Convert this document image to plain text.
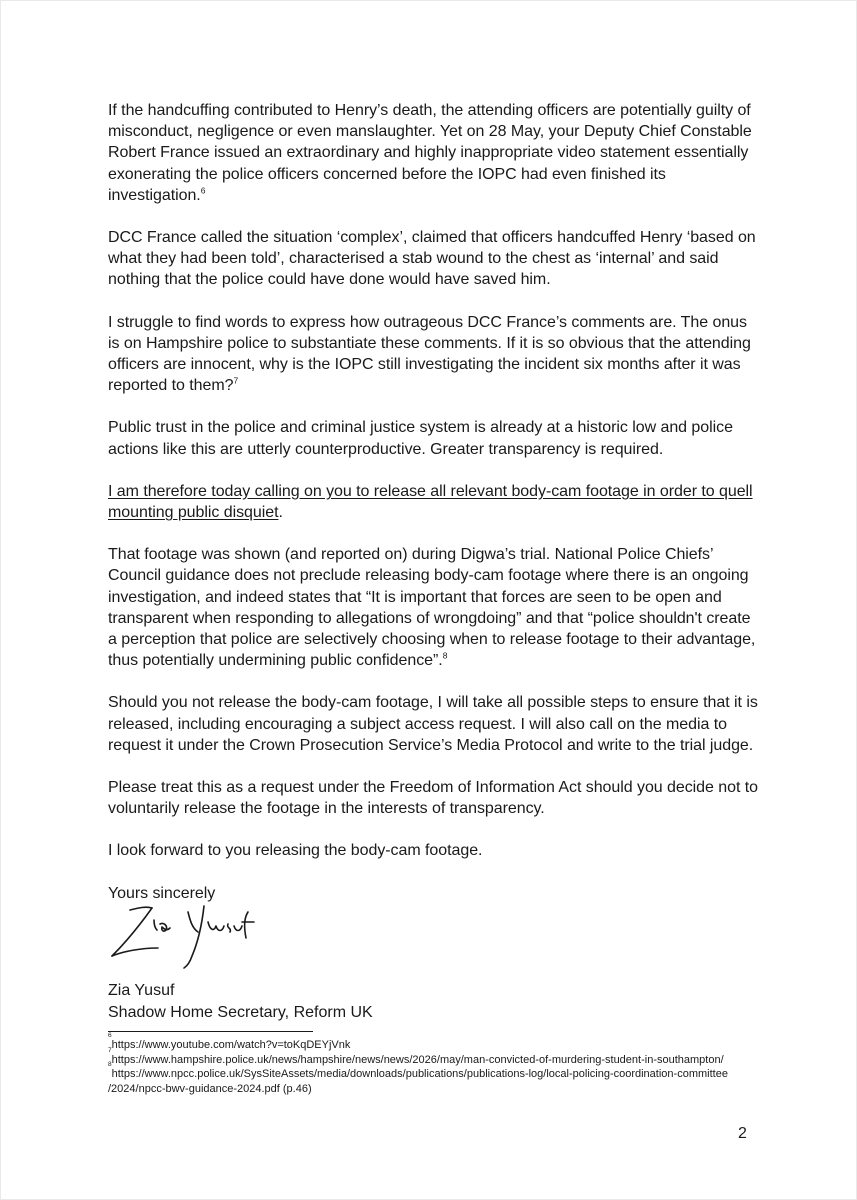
If the handcuffing contributed to Henry’s death, the attending officers are potentially guilty of misconduct, negligence or even manslaughter. Yet on 28 May, your Deputy Chief Constable Robert France issued an extraordinary and highly inappropriate video statement essentially exonerating the police officers concerned before the IOPC had even finished its investigation.$^6$

DCC France called the situation ‘complex’, claimed that officers handcuffed Henry ‘based on what they had been told’, characterised a stab wound to the chest as ‘internal’ and said nothing that the police could have done would have saved him.

I struggle to find words to express how outrageous DCC France’s comments are. The onus is on Hampshire police to substantiate these comments. If it is so obvious that the attending officers are innocent, why is the IOPC still investigating the incident six months after it was reported to them?$^7$

Public trust in the police and criminal justice system is already at a historic low and police actions like this are utterly counterproductive. Greater transparency is required.

I am therefore today calling on you to release all relevant body-cam footage in order to quell mounting public disquiet.

That footage was shown (and reported on) during Digwa’s trial. National Police Chiefs’ Council guidance does not preclude releasing body-cam footage where there is an ongoing investigation, and indeed states that “It is important that forces are seen to be open and transparent when responding to allegations of wrongdoing” and that “police shouldn't create a perception that police are selectively choosing when to release footage to their advantage, thus potentially undermining public confidence”.$^8$

Should you not release the body-cam footage, I will take all possible steps to ensure that it is released, including encouraging a subject access request. I will also call on the media to request it under the Crown Prosecution Service’s Media Protocol and write to the trial judge.

Please treat this as a request under the Freedom of Information Act should you decide not to voluntarily release the footage in the interests of transparency.

I look forward to you releasing the body-cam footage.

Yours sincerely

Zia Yusuf
Shadow Home Secretary, Reform UK
$^6$https://www.youtube.com/watch?v=toKqDEYjVnk
$^7$https://www.hampshire.police.uk/news/hampshire/news/news/2026/may/man-convicted-of-murdering-student-in-southampton/
$^8$https://www.npcc.police.uk/SysSiteAssets/media/downloads/publications/publications-log/local-policing-coordination-committee
/2024/npcc-bwv-guidance-2024.pdf (p.46)
2
